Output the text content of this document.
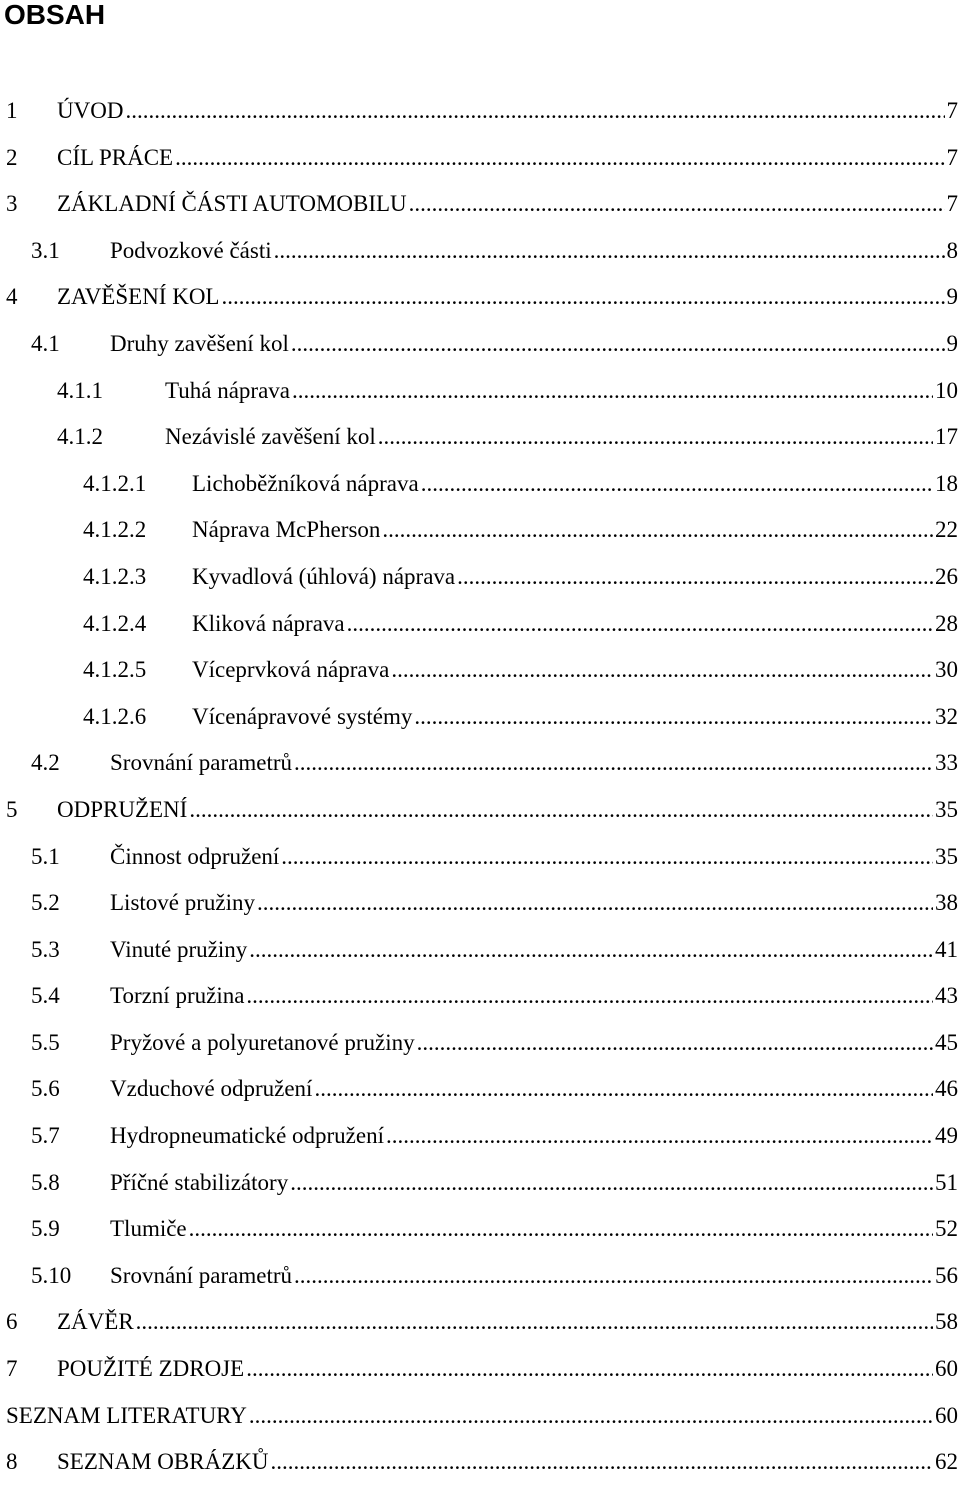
OBSAH
1 ÚVOD .....	7
2 CÍL PRÁCE .....	7
3 ZÁKLADNÍ ČÁSTI AUTOMOBILU .....	7
3.1 Podvozkové části .....	8
4 ZAVĚŠENÍ KOL .....	9
4.1 Druhy zavěšení kol .....	9
4.1.1	Tuhá náprava .....	10
4.1.2	Nezávislé zavěšení kol .....	17
4.1.2.1 Lichoběžníková náprava .....	18
4.1.2.2 Náprava McPherson .....	22
4.1.2.3 Kyvadlová (úhlová) náprava .....	26
4.1.2.4 Kliková náprava .....	28
4.1.2.5 Víceprvková náprava .....	30
4.1.2.6 Vícenápravové systémy .....	32
4.2 Srovnání parametrů .....	33
5 ODPRUŽENÍ .....	35
5.1 Činnost odpružení .....	35
5.2 Listové pružiny .....	38
5.3 Vinuté pružiny .....	41
5.4 Torzní pružina .....	43
5.5 Pryžové a polyuretanové pružiny .....	45
5.6 Vzduchové odpružení .....	46
5.7 Hydropneumatické odpružení .....	49
5.8 Příčné stabilizátory .....	51
5.9 Tlumiče .....	52
5.10 Srovnání parametrů .....	56
6 ZÁVĚR .....	58
7 POUŽITÉ ZDROJE .....	60
SEZNAM LITERATURY .....	60
8 SEZNAM OBRÁZKŮ .....	62
